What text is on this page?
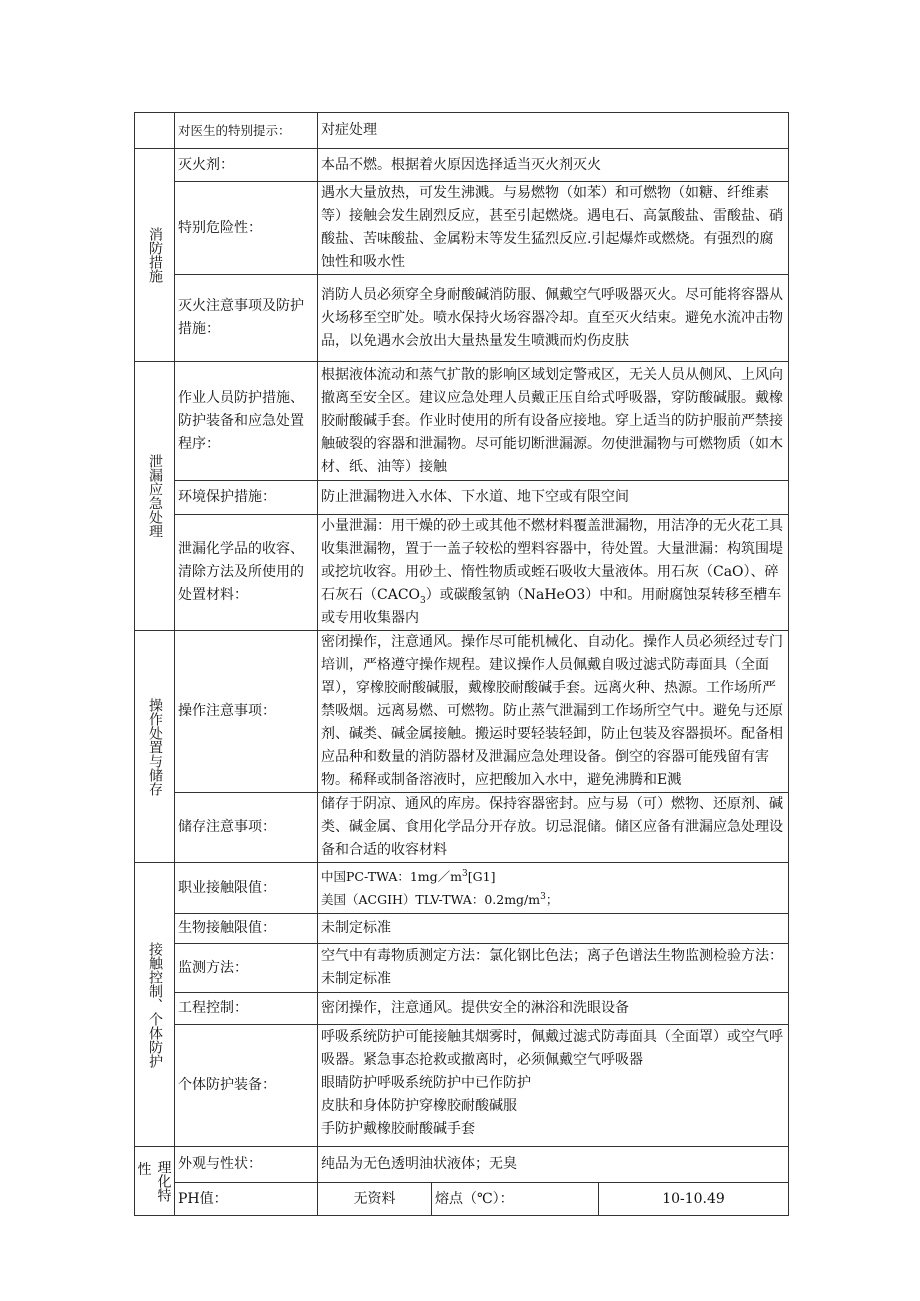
	对医生的特别提示：	对症处理		

消防措施	灭火剂：	本品不燃。根据着火原因选择适当灭火剂灭火		
	特别危险性：	遇水大量放热，可发生沸溅。与易燃物（如苯）和可燃物（如糖、纤维素等）接触会发生剧烈反应，甚至引起燃烧。遇电石、高氯酸盐、雷酸盐、硝酸盐、苦味酸盐、金属粉末等发生猛烈反应.引起爆炸或燃烧。有强烈的腐蚀性和吸水性		
	灭火注意事项及防护措施：	消防人员必须穿全身耐酸碱消防服、佩戴空气呼吸器灭火。尽可能将容器从火场移至空旷处。喷水保持火场容器冷却。直至灭火结束。避免水流冲击物品，以免遇水会放出大量热量发生喷溅而灼伤皮肤		

泄漏应急处理	作业人员防护措施、防护装备和应急处置程序：	根据液体流动和蒸气扩散的影响区域划定警戒区，无关人员从侧风、上风向撤离至安全区。建议应急处理人员戴正压自给式呼吸器，穿防酸碱服。戴橡胶耐酸碱手套。作业时使用的所有设备应接地。穿上适当的防护服前严禁接触破裂的容器和泄漏物。尽可能切断泄漏源。勿使泄漏物与可燃物质（如木材、纸、油等）接触		
	环境保护措施：	防止泄漏物进入水体、下水道、地下空或有限空间		
	泄漏化学品的收容、清除方法及所使用的处置材料：	小量泄漏：用干燥的砂土或其他不燃材料覆盖泄漏物，用洁净的无火花工具收集泄漏物，置于一盖子较松的塑料容器中，待处置。大量泄漏：构筑围堤或挖坑收容。用砂土、惰性物质或蛭石吸收大量液体。用石灰（CaO）、碎石灰石$(CACO_3)$或碳酸氢钠（NaHeO3）中和。用耐腐蚀泵转移至槽车或专用收集器内		

操作处置与储存	操作注意事项：	密闭操作，注意通风。操作尽可能机械化、自动化。操作人员必须经过专门培训，严格遵守操作规程。建议操作人员佩戴自吸过滤式防毒面具（全面罩），穿橡胶耐酸碱服，戴橡胶耐酸碱手套。远离火种、热源。工作场所严禁吸烟。远离易燃、可燃物。防止蒸气泄漏到工作场所空气中。避免与还原剂、碱类、碱金属接触。搬运时要轻装轻卸，防止包装及容器损坏。配备相应品种和数量的消防器材及泄漏应急处理设备。倒空的容器可能残留有害物。稀释或制备溶液时，应把酸加入水中，避免沸腾和E溅		
	储存注意事项：	储存于阴凉、通风的库房。保持容器密封。应与易（可）燃物、还原剂、碱类、碱金属、食用化学品分开存放。切忌混储。储区应备有泄漏应急处理设备和合适的收容材料		

接触控制、个体防护	职业接触限值：	中国PC-TWA：$1mg/m^3[G1]$
美国（ACGIH）TLV-TWA：$0.2mg/m^3$；		

	生物接触限值：	未制定标准		
	监测方法：	空气中有毒物质测定方法：氯化钢比色法；离子色谱法生物监测检验方法：未制定标准		
	工程控制：	密闭操作，注意通风。提供安全的淋浴和洗眼设备		
	个体防护装备：	呼吸系统防护可能接触其烟雾时，佩戴过滤式防毒面具（全面罩）或空气呼吸器。紧急事态抢救或撤离时，必须佩戴空气呼吸器
眼睛防护呼吸系统防护中已作防护
皮肤和身体防护穿橡胶耐酸碱服
手防护戴橡胶耐酸碱手套		

性 理化特	外观与性状：	纯品为无色透明油状液体；无臭		
	PH值：	无资料	熔点（℃）：	10-10.49
